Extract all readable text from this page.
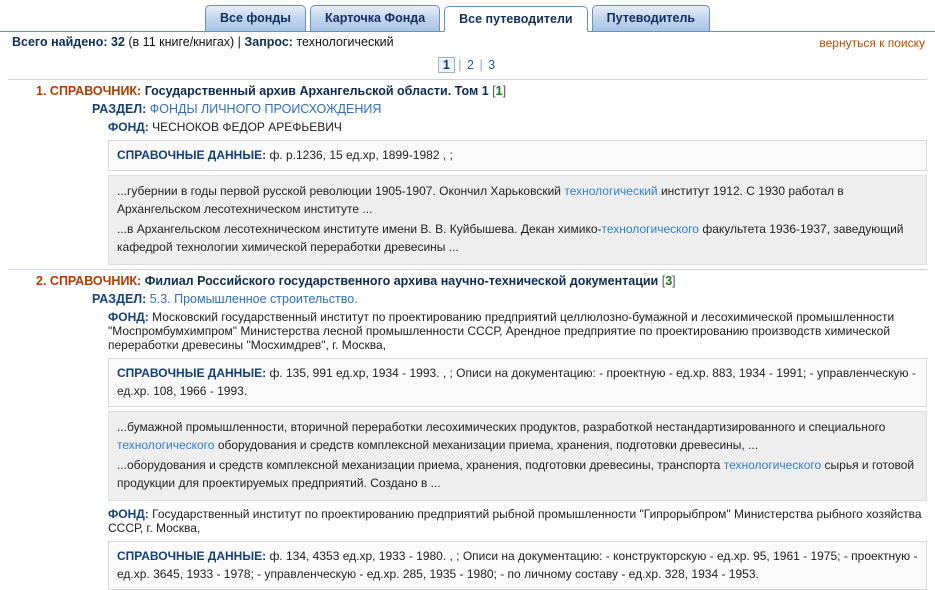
Все фонды	Карточка Фонда	Все путеводители	Путеводитель
Всего найдено: 32 (в 11 книге/книгах) | Запрос: технологический	вернуться к поиску
1 | 2 | 3
1. СПРАВОЧНИК: Государственный архив Архангельской области. Том 1 [1]
РАЗДЕЛ: ФОНДЫ ЛИЧНОГО ПРОИСХОЖДЕНИЯ
ФОНД: ЧЕСНОКОВ ФЕДОР АРЕФЬЕВИЧ
СПРАВОЧНЫЕ ДАННЫЕ: ф. р.1236, 15 ед.хр, 1899-1982 , ;

...губернии в годы первой русской революции 1905-1907. Окончил Харьковский технологический институт 1912. С 1930 работал в Архангельском лесотехническом институте ...

...в Архангельском лесотехническом институте имени В. В. Куйбышева. Декан химико-технологического факультета 1936-1937, заведующий кафедрой технологии химической переработки древесины ...

2. СПРАВОЧНИК: Филиал Российского государственного архива научно-технической документации [3]
РАЗДЕЛ: 5.3. Промышленное строительство.
ФОНД: Московский государственный институт по проектированию предприятий целлюлозно-бумажной и лесохимической промышленности "Моспромбумхимпром" Министерства лесной промышленности СССР, Арендное предприятие по проектированию производств химической переработки древесины "Мосхимдрев", г. Москва,
СПРАВОЧНЫЕ ДАННЫЕ: ф. 135, 991 ед.хр, 1934 - 1993. , ; Описи на документацию: - проектную - ед.хр. 883, 1934 - 1991; - управленческую - ед.хр. 108, 1966 - 1993.

...бумажной промышленности, вторичной переработки лесохимических продуктов, разработкой нестандартизированного и специального технологического оборудования и средств комплексной механизации приема, хранения, подготовки древесины, ...

...оборудования и средств комплексной механизации приема, хранения, подготовки древесины, транспорта технологического сырья и готовой продукции для проектируемых предприятий. Создано в ...

ФОНД: Государственный институт по проектированию предприятий рыбной промышленности "Гипрорыбпром" Министерства рыбного хозяйства СССР, г. Москва,
СПРАВОЧНЫЕ ДАННЫЕ: ф. 134, 4353 ед.хр, 1933 - 1980. , ; Описи на документацию: - конструкторскую - ед.хр. 95, 1961 - 1975; - проектную - ед.хр. 3645, 1933 - 1978; - управленческую - ед.хр. 285, 1935 - 1980; - по личному составу - ед.хр. 328, 1934 - 1953.
